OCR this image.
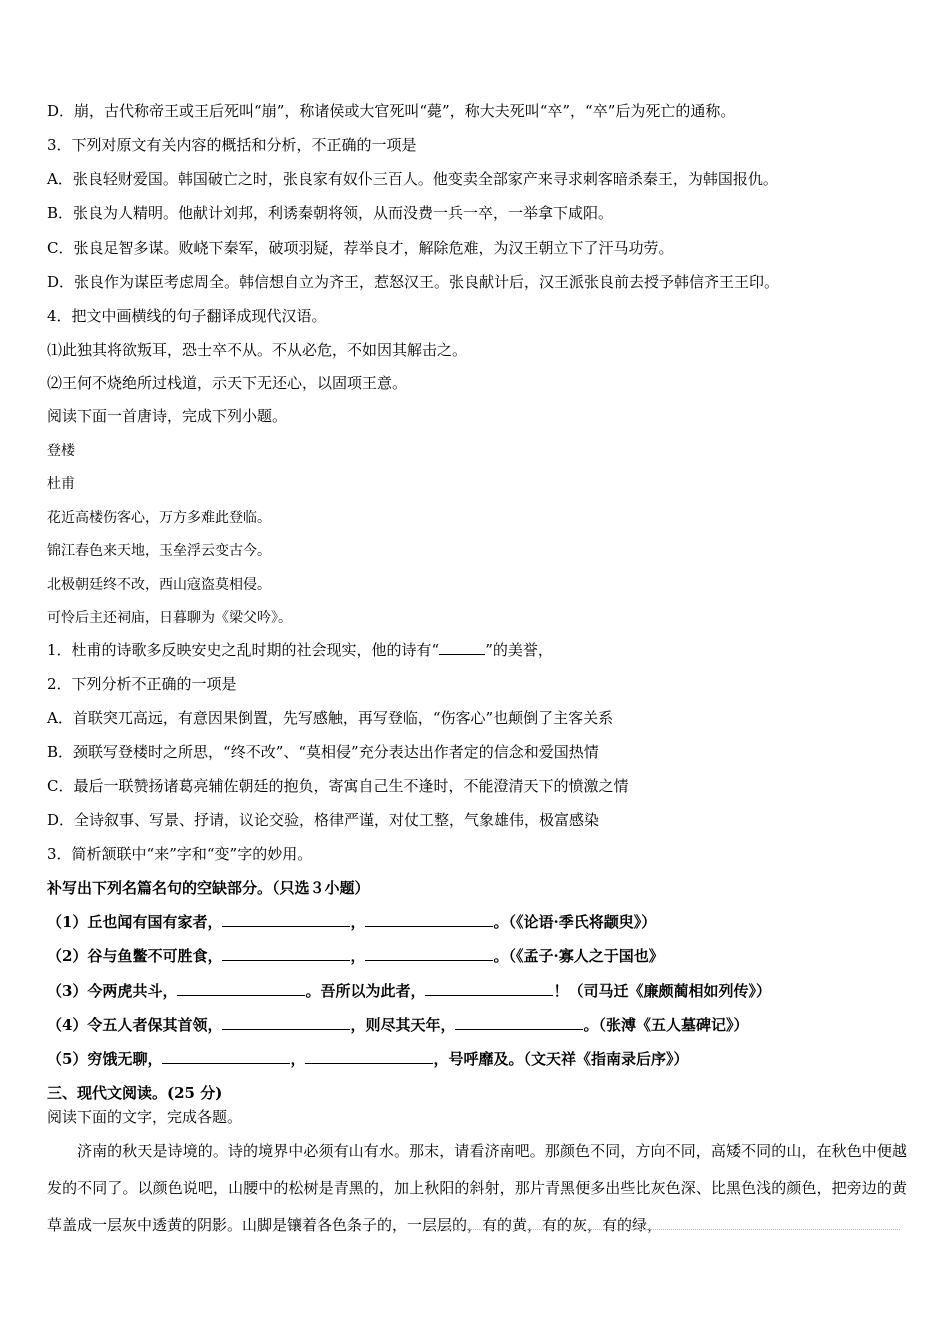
D．崩，古代称帝王或王后死叫“崩”，称诸侯或大官死叫“薨”，称大夫死叫“卒”，“卒”后为死亡的通称。
3．下列对原文有关内容的概括和分析，不正确的一项是
A．张良轻财爱国。韩国破亡之时，张良家有奴仆三百人。他变卖全部家产来寻求刺客暗杀秦王，为韩国报仇。
B．张良为人精明。他献计刘邦，利诱秦朝将领，从而没费一兵一卒，一举拿下咸阳。
C．张良足智多谋。败峣下秦军，破项羽疑，荐举良才，解除危难，为汉王朝立下了汗马功劳。
D．张良作为谋臣考虑周全。韩信想自立为齐王，惹怒汉王。张良献计后，汉王派张良前去授予韩信齐王王印。
4．把文中画横线的句子翻译成现代汉语。
⑴此独其将欲叛耳，恐士卒不从。不从必危，不如因其解击之。
⑵王何不烧绝所过栈道，示天下无还心，以固项王意。
阅读下面一首唐诗，完成下列小题。
登楼
杜甫
花近高楼伤客心，万方多难此登临。
锦江春色来天地，玉垒浮云变古今。
北极朝廷终不改，西山寇盗莫相侵。
可怜后主还祠庙，日暮聊为《梁父吟》。
1．杜甫的诗歌多反映安史之乱时期的社会现实，他的诗有“	”的美誉，
2．下列分析不正确的一项是
A．首联突兀高远，有意因果倒置，先写感触，再写登临，“伤客心”也颠倒了主客关系
B．颈联写登楼时之所思，“终不改”、“莫相侵”充分表达出作者定的信念和爱国热情
C．最后一联赞扬诸葛亮辅佐朝廷的抱负，寄寓自己生不逢时，不能澄清天下的愤激之情
D．全诗叙事、写景、抒请，议论交验，格律严谨，对仗工整，气象雄伟，极富感染
3．简析颔联中“来”字和“变”字的妙用。
补写出下列名篇名句的空缺部分。（只选３小题）
（1）丘也闻有国有家者，	，	。（《论语·季氏将颛臾》）
（2）谷与鱼鳖不可胜食，	，	。（《孟子·寡人之于国也》
（3）今两虎共斗，	。吾所以为此者，	！（司马迁《廉颇蔺相如列传》）
（4）令五人者保其首领，	，则尽其天年，	。（张溥《五人墓碑记》）
（5）穷饿无聊，	，	，号呼靡及。（文天祥《指南录后序》）
三、现代文阅读。(25 分)
阅读下面的文字，完成各题。
济南的秋天是诗境的。诗的境界中必须有山有水。那末，请看济南吧。那颜色不同，方向不同，高矮不同的山，在秋色中便越发的不同了。以颜色说吧，山腰中的松树是青黑的，加上秋阳的斜射，那片青黑便多出些比灰色深、比黑色浅的颜色，把旁边的黄草盖成一层灰中透黄的阴影。山脚是镶着各色条子的，一层层的，有的黄，有的灰，有的绿，
